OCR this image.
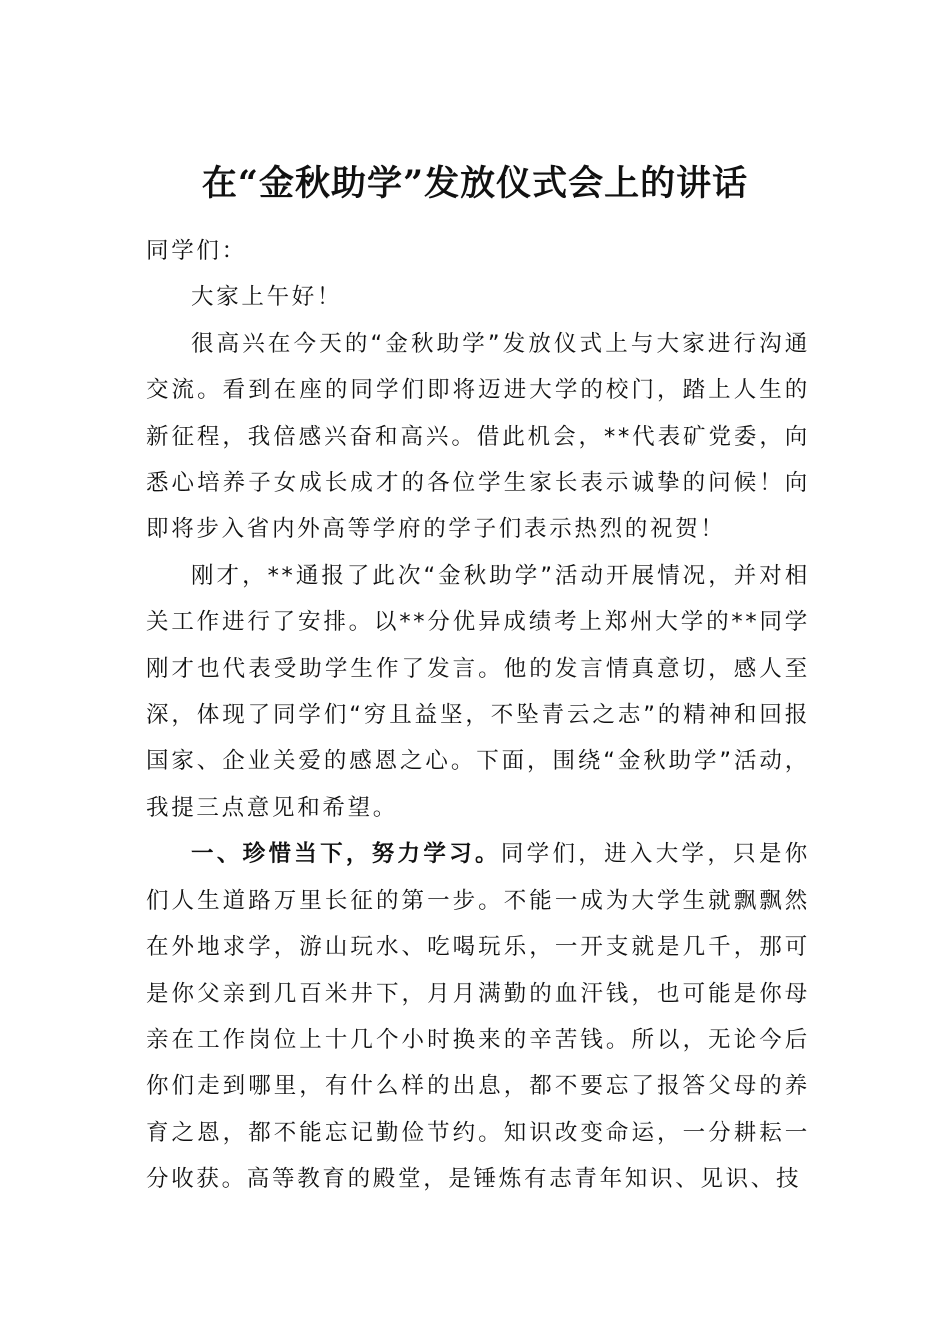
在“金秋助学”发放仪式会上的讲话

同学们：

大家上午好！

很高兴在今天的“金秋助学”发放仪式上与大家进行沟通交流。看到在座的同学们即将迈进大学的校门，踏上人生的新征程，我倍感兴奋和高兴。借此机会，**代表矿党委，向悉心培养子女成长成才的各位学生家长表示诚挚的问候！向即将步入省内外高等学府的学子们表示热烈的祝贺！

刚才，**通报了此次“金秋助学”活动开展情况，并对相关工作进行了安排。以**分优异成绩考上郑州大学的**同学刚才也代表受助学生作了发言。他的发言情真意切，感人至深，体现了同学们“穷且益坚，不坠青云之志”的精神和回报国家、企业关爱的感恩之心。下面，围绕“金秋助学”活动，我提三点意见和希望。

一、珍惜当下，努力学习。同学们，进入大学，只是你们人生道路万里长征的第一步。不能一成为大学生就飘飘然在外地求学，游山玩水、吃喝玩乐，一开支就是几千，那可是你父亲到几百米井下，月月满勤的血汗钱，也可能是你母亲在工作岗位上十几个小时换来的辛苦钱。所以，无论今后你们走到哪里，有什么样的出息，都不要忘了报答父母的养育之恩，都不能忘记勤俭节约。知识改变命运，一分耕耘一分收获。高等教育的殿堂，是锤炼有志青年知识、见识、技
